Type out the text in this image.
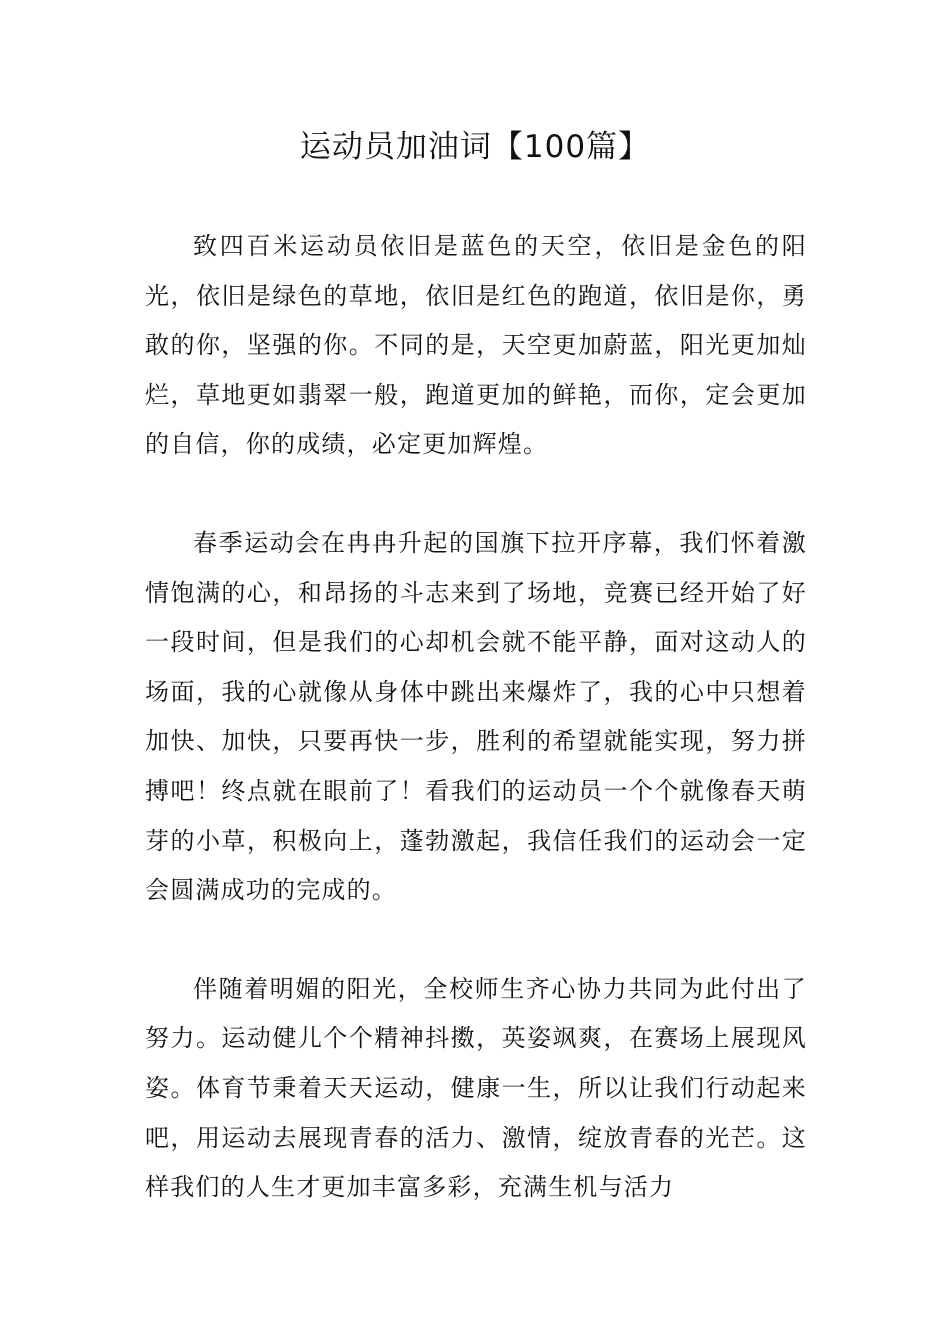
运动员加油词【100篇】

致四百米运动员依旧是蓝色的天空，依旧是金色的阳光，依旧是绿色的草地，依旧是红色的跑道，依旧是你，勇敢的你，坚强的你。不同的是，天空更加蔚蓝，阳光更加灿烂，草地更如翡翠一般，跑道更加的鲜艳，而你，定会更加的自信，你的成绩，必定更加辉煌。

春季运动会在冉冉升起的国旗下拉开序幕，我们怀着激情饱满的心，和昂扬的斗志来到了场地，竞赛已经开始了好一段时间，但是我们的心却机会就不能平静，面对这动人的场面，我的心就像从身体中跳出来爆炸了，我的心中只想着加快、加快，只要再快一步，胜利的希望就能实现，努力拼搏吧！终点就在眼前了！看我们的运动员一个个就像春天萌芽的小草，积极向上，蓬勃激起，我信任我们的运动会一定会圆满成功的完成的。

伴随着明媚的阳光，全校师生齐心协力共同为此付出了努力。运动健儿个个精神抖擞，英姿飒爽，在赛场上展现风姿。体育节秉着天天运动，健康一生，所以让我们行动起来吧，用运动去展现青春的活力、激情，绽放青春的光芒。这样我们的人生才更加丰富多彩，充满生机与活力
